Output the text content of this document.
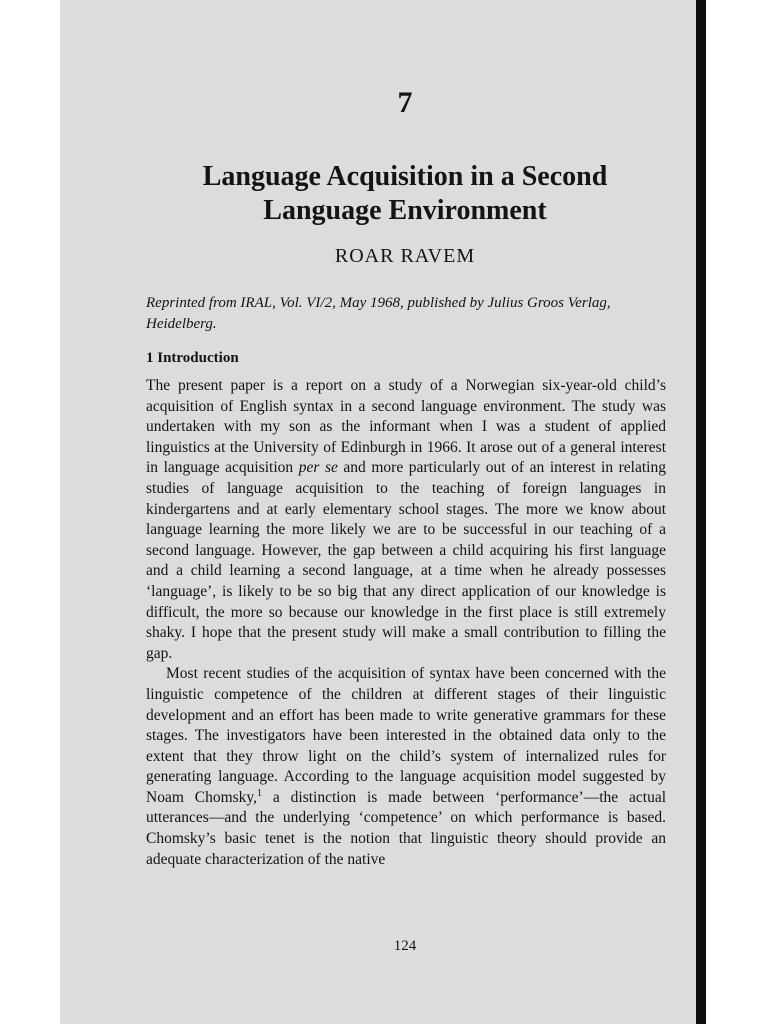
7
Language Acquisition in a Second
Language Environment

ROAR RAVEM

Reprinted from IRAL, Vol. VI/2, May 1968, published by Julius Groos Verlag, Heidelberg.

1 Introduction

The present paper is a report on a study of a Norwegian six-year-old child’s acquisition of English syntax in a second language environment. The study was undertaken with my son as the informant when I was a student of applied linguistics at the University of Edinburgh in 1966. It arose out of a general interest in language acquisition per se and more particularly out of an interest in relating studies of language acquisition to the teaching of foreign languages in kindergartens and at early elementary school stages. The more we know about language learning the more likely we are to be successful in our teaching of a second language. However, the gap between a child acquiring his first language and a child learning a second language, at a time when he already possesses ‘language’, is likely to be so big that any direct application of our knowledge is difficult, the more so because our knowledge in the first place is still extremely shaky. I hope that the present study will make a small contribution to filling the gap.

Most recent studies of the acquisition of syntax have been concerned with the linguistic competence of the children at different stages of their linguistic development and an effort has been made to write generative grammars for these stages. The investigators have been interested in the obtained data only to the extent that they throw light on the child’s system of internalized rules for generating language. According to the language acquisition model suggested by Noam Chomsky,$^1$ a distinction is made between ‘performance’—the actual utterances—and the underlying ‘competence’ on which performance is based. Chomsky’s basic tenet is the notion that linguistic theory should provide an adequate characterization of the native

124
